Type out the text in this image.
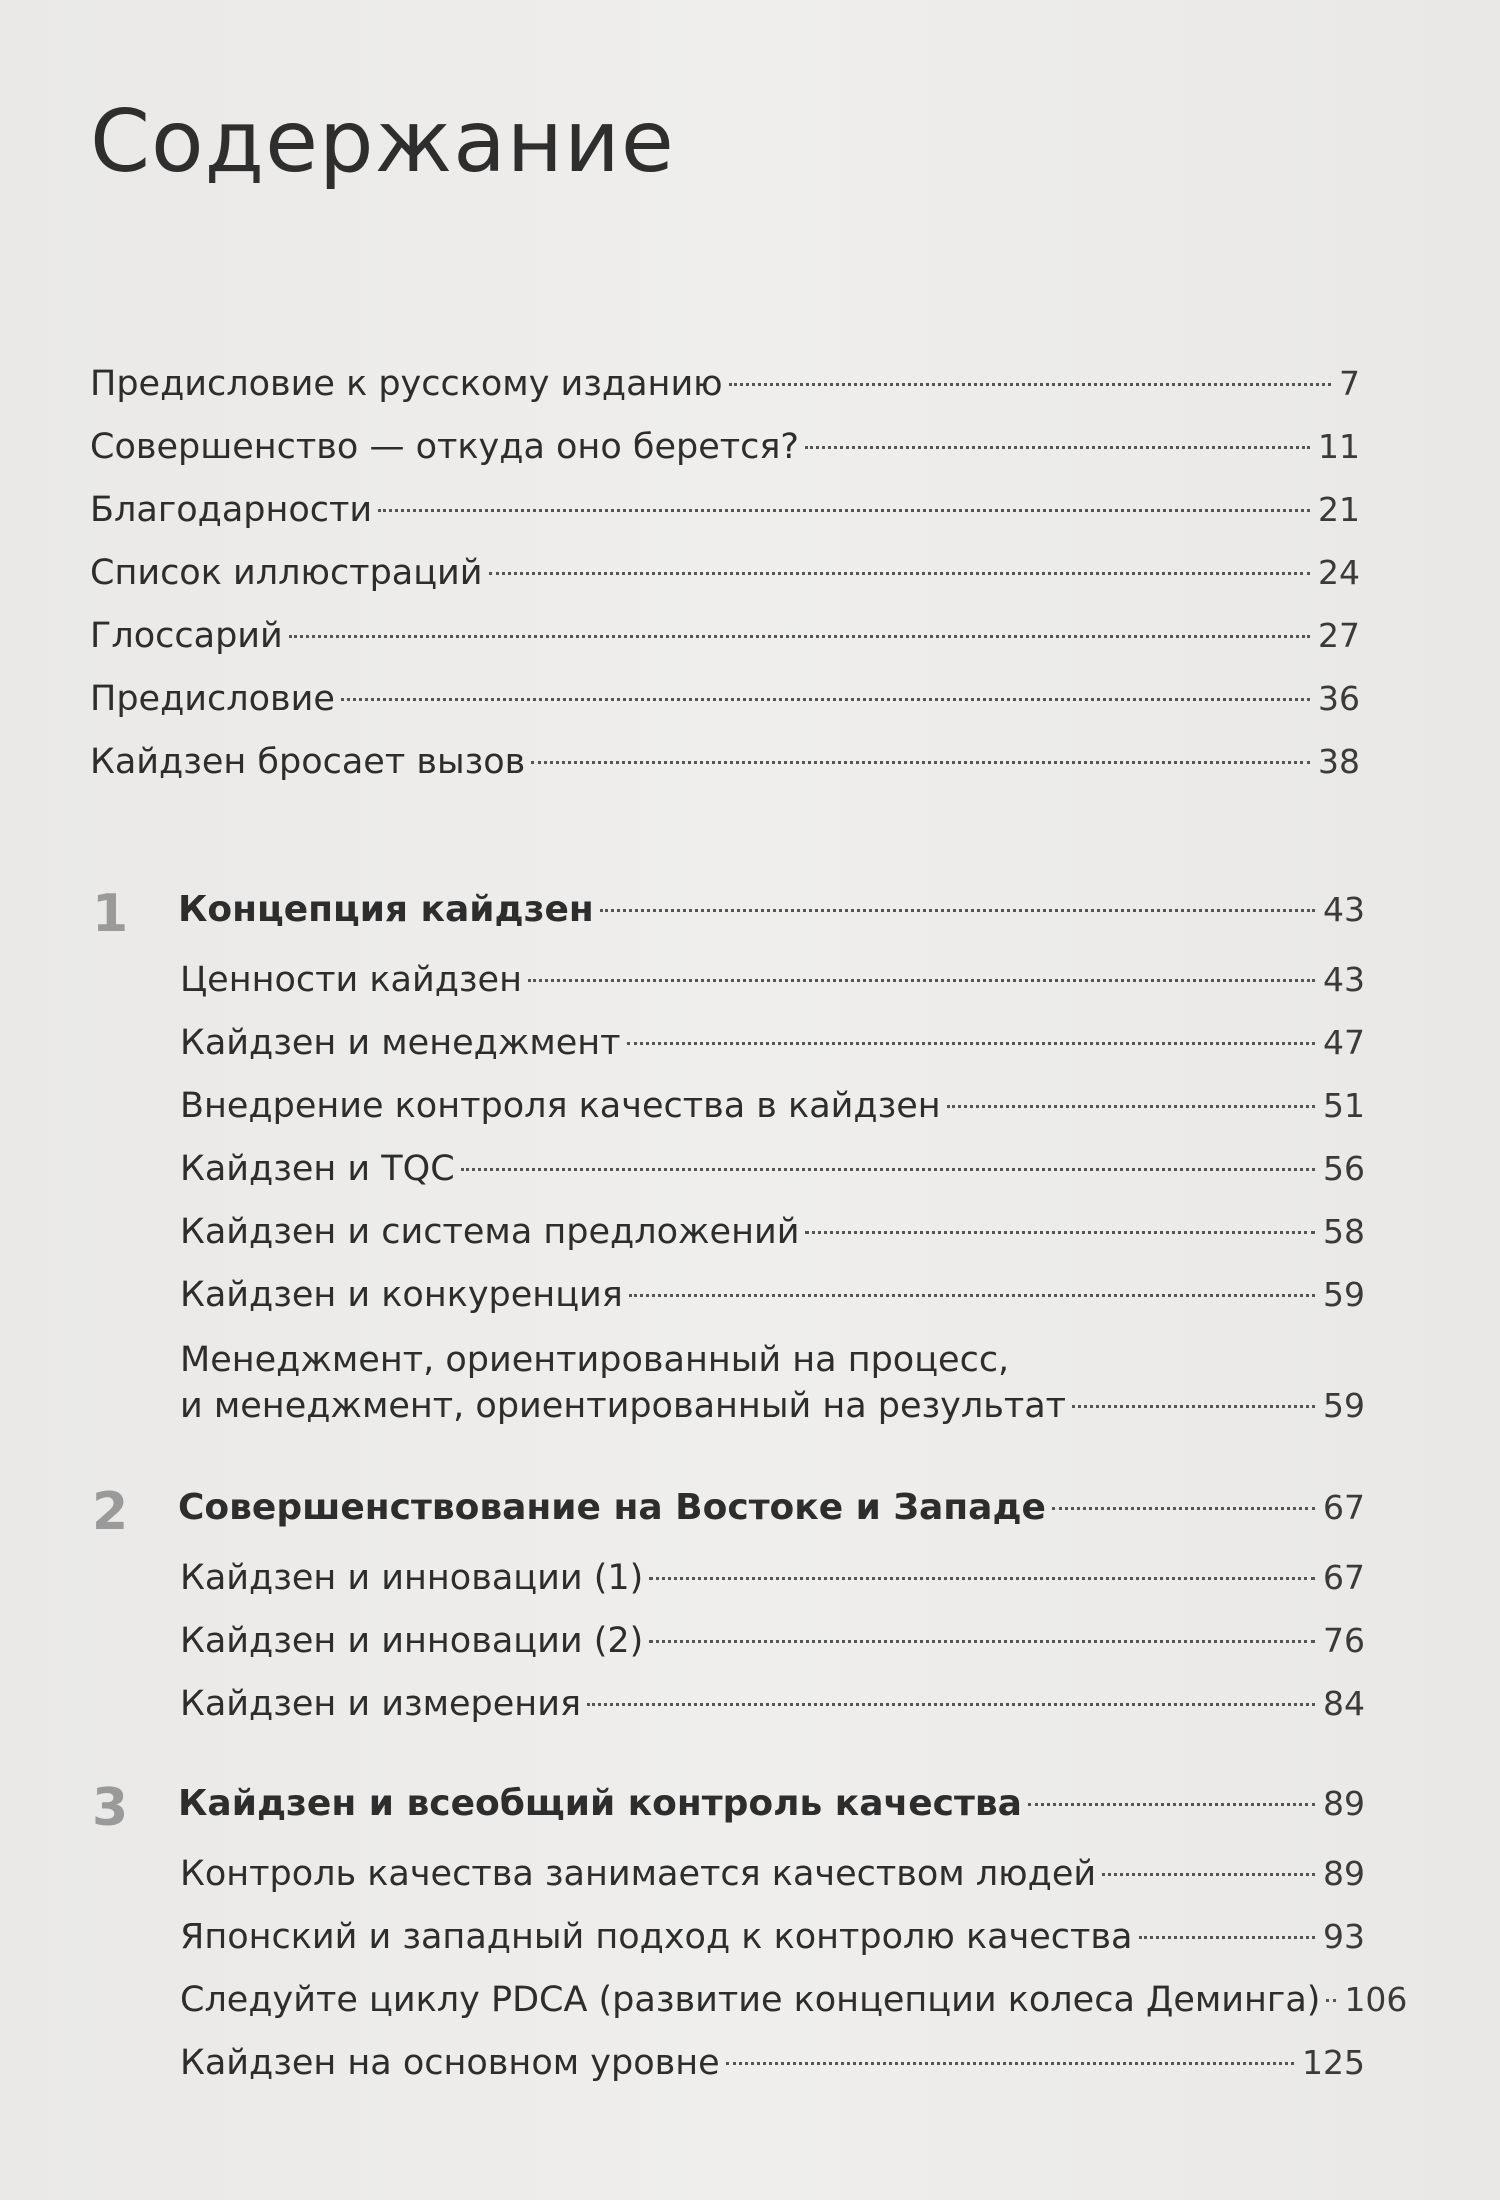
Содержание
Предисловие к русскому изданию	7
Совершенство — откуда оно берется?	11
Благодарности	21
Список иллюстраций	24
Глоссарий	27
Предисловие	36
Кайдзен бросает вызов	38
1 Концепция кайдзен	43
Ценности кайдзен	43
Кайдзен и менеджмент	47
Внедрение контроля качества в кайдзен	51
Кайдзен и TQC	56
Кайдзен и система предложений	58
Кайдзен и конкуренция	59
Менеджмент, ориентированный на процесс,
и менеджмент, ориентированный на результат	59
2 Совершенствование на Востоке и Западе	67
Кайдзен и инновации (1)	67
Кайдзен и инновации (2)	76
Кайдзен и измерения	84
3 Кайдзен и всеобщий контроль качества	89
Контроль качества занимается качеством людей	89
Японский и западный подход к контролю качества	93
Следуйте циклу PDCA (развитие концепции колеса Деминга) 106
Кайдзен на основном уровне	125
